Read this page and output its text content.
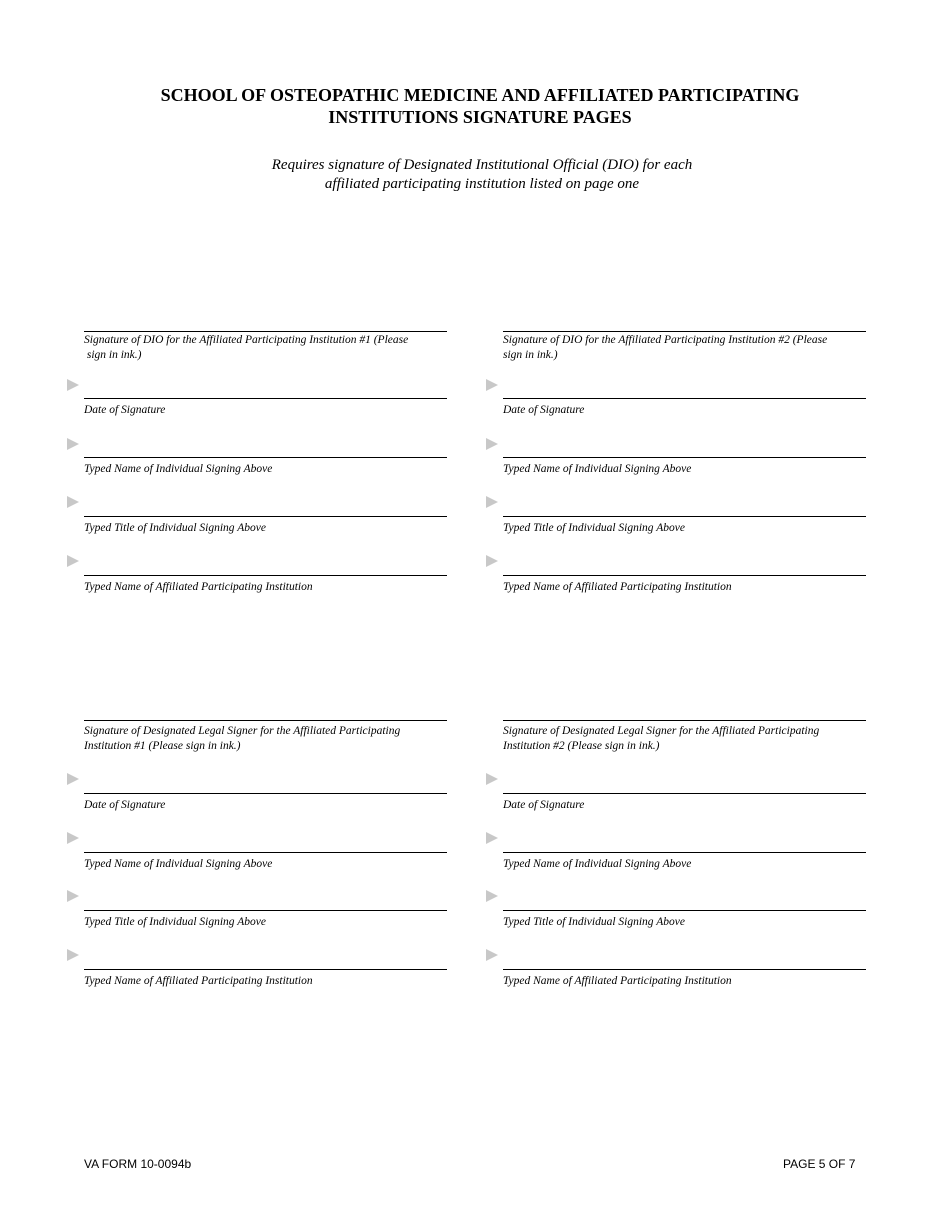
SCHOOL OF OSTEOPATHIC MEDICINE AND AFFILIATED PARTICIPATING
INSTITUTIONS SIGNATURE PAGES
Requires signature of Designated Institutional Official (DIO) for each
affiliated participating institution listed on page one
Signature of DIO for the Affiliated Participating Institution #1 (Please
sign in ink.)
Date of Signature
Typed Name of Individual Signing Above
Typed Title of Individual Signing Above
Typed Name of Affiliated Participating Institution
Signature of DIO for the Affiliated Participating Institution #2 (Please
sign in ink.)
Date of Signature
Typed Name of Individual Signing Above
Typed Title of Individual Signing Above
Typed Name of Affiliated Participating Institution
Signature of Designated Legal Signer for the Affiliated Participating
Institution #1 (Please sign in ink.)
Date of Signature
Typed Name of Individual Signing Above
Typed Title of Individual Signing Above
Typed Name of Affiliated Participating Institution
Signature of Designated Legal Signer for the Affiliated Participating
Institution #2 (Please sign in ink.)
Date of Signature
Typed Name of Individual Signing Above
Typed Title of Individual Signing Above
Typed Name of Affiliated Participating Institution
VA FORM 10-0094b	PAGE 5 OF 7
